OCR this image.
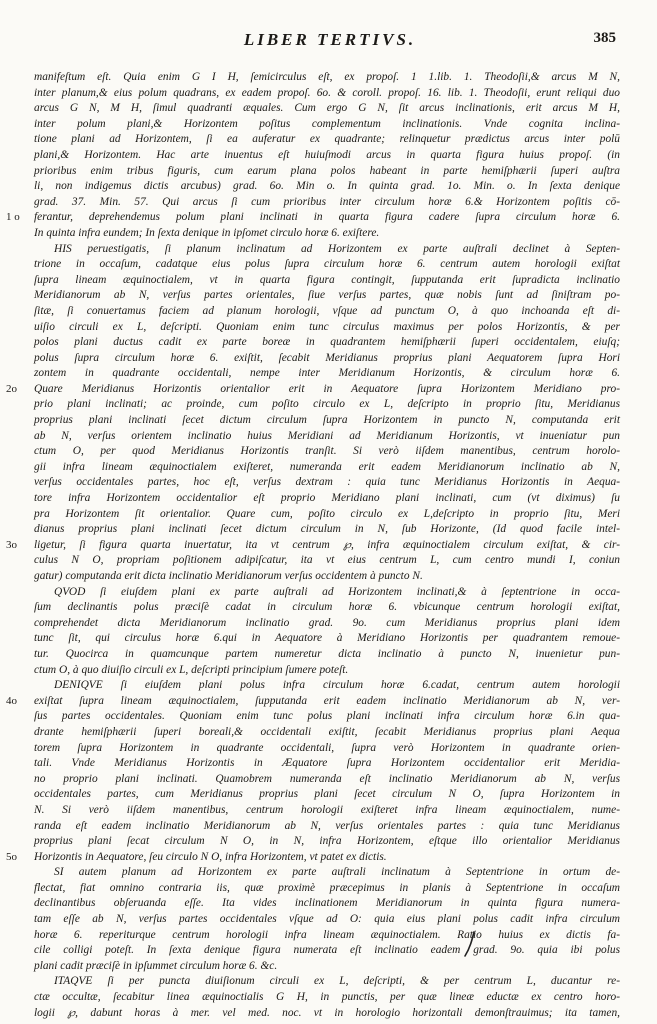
LIBER TERTIVS.	385
manifeſtum eſt. Quia enim G I H, ſemicirculus eſt, ex propoſ. 1 1.lib. 1. Theodoſii,& arcus M N,
inter planum,& eius polum quadrans, ex eadem propoſ. 6o. & coroll. propoſ. 16. lib. 1. Theodoſii, erunt reliqui duo
arcus G N, M H, ſimul quadranti æquales. Cum ergo G N, ſit arcus inclinationis, erit arcus M H,
inter polum plani,& Horizontem poſitus complementum inclinationis. Vnde cognita inclina-
tione plani ad Horizontem, ſi ea auferatur ex quadrante; relinquetur prædictus arcus inter polū
plani,& Horizontem. Hac arte inuentus eſt huiuſmodi arcus in quarta figura huius propoſ. (in
prioribus enim tribus figuris, cum earum plana polos habeant in parte hemiſphærii ſuperi auſtra
li, non indigemus dictis arcubus) grad. 6o. Min o. In quinta grad. 1o. Min. o. In ſexta denique
grad. 37. Min. 57. Qui arcus ſi cum prioribus inter circulum horæ 6.& Horizontem poſitis cō-
ferantur, deprehendemus polum plani inclinati in quarta figura cadere ſupra circulum horæ 6.
1 o
In quinta infra eundem; In ſexta denique in ipſomet circulo horæ 6. exiſtere.
HIS peruestigatis, ſi planum inclinatum ad Horizontem ex parte auſtrali declinet à Septen-
trione in occaſum, cadatque eius polus ſupra circulum horæ 6. centrum autem horologii exiſtat
ſupra lineam æquinoctialem, vt in quarta figura contingit, ſupputanda erit ſupradicta inclinatio
Meridianorum ab N, verſus partes orientales, ſiue verſus partes, quæ nobis ſunt ad ſiniſtram po-
ſitæ, ſi conuertamus faciem ad planum horologii, vſque ad punctum O, à quo inchoanda eſt di-
uiſio circuli ex L, deſcripti. Quoniam enim tunc circulus maximus per polos Horizontis, & per
polos plani ductus cadit ex parte boreæ in quadrantem hemiſphærii ſuperi occidentalem, eiuſq;
polus ſupra circulum horæ 6. exiſtit, ſecabit Meridianus proprius plani Aequatorem ſupra Hori
zontem in quadrante occidentali, nempe inter Meridianum Horizontis, & circulum horæ 6.
Quare Meridianus Horizontis orientalior erit in Aequatore ſupra Horizontem Meridiano pro-
2o
prio plani inclinati; ac proinde, cum poſito circulo ex L, deſcripto in proprio ſitu, Meridianus
proprius plani inclinati ſecet dictum circulum ſupra Horizontem in puncto N, computanda erit
ab N, verſus orientem inclinatio huius Meridiani ad Meridianum Horizontis, vt inueniatur pun
ctum O, per quod Meridianus Horizontis tranſit. Si verò iiſdem manentibus, centrum horolo-
gii infra lineam æquinoctialem exiſteret, numeranda erit eadem Meridianorum inclinatio ab N,
verſus occidentales partes, hoc eſt, verſus dextram : quia tunc Meridianus Horizontis in Aequa-
tore infra Horizontem occidentalior eſt proprio Meridiano plani inclinati, cum (vt diximus) ſu
pra Horizontem ſit orientalior. Quare cum, poſito circulo ex L,deſcripto in proprio ſitu, Meri
dianus proprius plani inclinati ſecet dictum circulum in N, ſub Horizonte, (Id quod facile intel-
ligetur, ſi figura quarta inuertatur, ita vt centrum ℘, infra æquinoctialem circulum exiſtat, & cir-
3o
culus N O, propriam poſitionem adipiſcatur, ita vt eius centrum L, cum centro mundi I, coniun
gatur) computanda erit dicta inclinatio Meridianorum verſus occidentem à puncto N.
QVOD ſi eiuſdem plani ex parte auſtrali ad Horizontem inclinati,& à ſeptentrione in occa-
ſum declinantis polus præciſè cadat in circulum horæ 6. vbicunque centrum horologii exiſtat,
comprehendet dicta Meridianorum inclinatio grad. 9o. cum Meridianus proprius plani idem
tunc ſit, qui circulus horæ 6.qui in Aequatore à Meridiano Horizontis per quadrantem remoue-
tur. Quocirca in quamcunque partem numeretur dicta inclinatio à puncto N, inuenietur pun-
ctum O, à quo diuiſio circuli ex L, deſcripti principium ſumere poteſt.
DENIQVE ſi eiuſdem plani polus infra circulum horæ 6.cadat, centrum autem horologii
exiſtat ſupra lineam æquinoctialem, ſupputanda erit eadem inclinatio Meridianorum ab N, ver-
4o
ſus partes occidentales. Quoniam enim tunc polus plani inclinati infra circulum horæ 6.in qua-
drante hemiſphærii ſuperi boreali,& occidentali exiſtit, ſecabit Meridianus proprius plani Aequa
torem ſupra Horizontem in quadrante occidentali, ſupra verò Horizontem in quadrante orien-
tali. Vnde Meridianus Horizontis in Æquatore ſupra Horizontem occidentalior erit Meridia-
no proprio plani inclinati. Quamobrem numeranda eſt inclinatio Meridianorum ab N, verſus
occidentales partes, cum Meridianus proprius plani ſecet circulum N O, ſupra Horizontem in
N. Si verò iiſdem manentibus, centrum horologii exiſteret infra lineam æquinoctialem, nume-
randa eſt eadem inclinatio Meridianorum ab N, verſus orientales partes : quia tunc Meridianus
proprius plani ſecat circulum N O, in N, infra Horizontem, eſtque illo orientalior Meridianus
Horizontis in Aequatore, ſeu circulo N O, infra Horizontem, vt patet ex dictis.
5o
SI autem planum ad Horizontem ex parte auſtrali inclinatum à Septentrione in ortum de-
flectat, fiat omnino contraria iis, quæ proximè præcepimus in planis à Septentrione in occaſum
declinantibus obſeruanda eſſe. Ita vides inclinationem Meridianorum in quinta figura numera-
tam eſſe ab N, verſus partes occidentales vſque ad O: quia eius plani polus cadit infra circulum
horæ 6. reperiturque centrum horologii infra lineam æquinoctialem. Ratio huius ex dictis fa-
cile colligi poteſt. In ſexta denique figura numerata eſt inclinatio eadem grad. 9o. quia ibi polus
plani cadit præciſè in ipſummet circulum horæ 6. &c.
ITAQVE ſi per puncta diuiſionum circuli ex L, deſcripti, & per centrum L, ducantur re-
ctæ occultæ, ſecabitur linea æquinoctialis G H, in punctis, per quæ lineæ eductæ ex centro horo-
logii ℘, dabunt horas à mer. vel med. noc. vt in horologio horizontali demonſtrauimus; ita tamen,
